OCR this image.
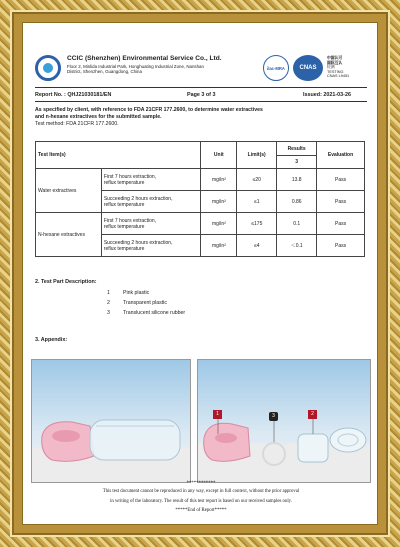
CCIC (Shenzhen) Environmental Service Co., Ltd.
Floor 2, Minlida Industrial Park, Honghuating Industrial Zone, Nanshan
District, Shenzhen, Guangdong, China
ilac-MRA	CNAS
中国认可
国际互认
检测
TESTING
CNAS L9451
Report No. : QHJ21030181/EN	Page 3 of 3	Issued: 2021-03-26
As specified by client, with reference to FDA 21CFR 177.2600, to determine water extractives
and n-hexane extractives for the submitted sample.
Test method: FDA 21CFR 177.2600.
Test Item(s)	Unit	Limit(s)	Results	Evaluation
3
Water extractives	First 7 hours extraction,
reflux temperature	mg/in²	≤20	13.8	Pass

	Succeeding 2 hours extraction,
reflux temperature	mg/in²	≤1	0.86	Pass
N-hexane extractives	First 7 hours extraction,
reflux temperature	mg/in²	≤175	0.1	Pass

	Succeeding 2 hours extraction,
reflux temperature	mg/in²	≤4	＜0.1	Pass
2. Test Part Description:
1	Pink plastic
2	Transparent plastic
3	Translucent silicone rubber
3. Appendix:
1	3	2
************
This test document cannot be reproduced in any way, except in full context, without the prior approval
in writing of the laboratory. The result of this test report is based on our received samples only.
*****End of Report*****
